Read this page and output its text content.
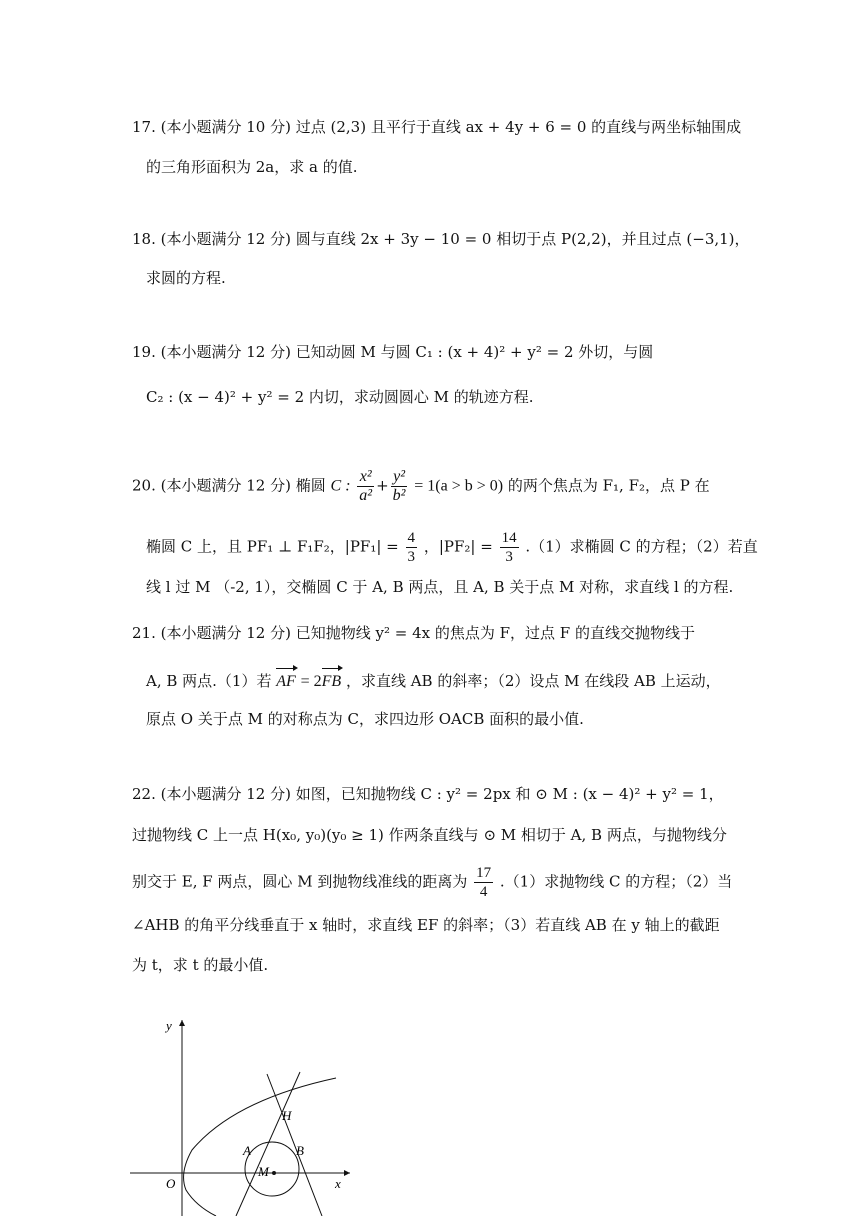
17. (本小题满分 10 分) 过点 (2,3) 且平行于直线 ax + 4y + 6 = 0 的直线与两坐标轴围成
的三角形面积为 2a，求 a 的值.
18. (本小题满分 12 分) 圆与直线 2x + 3y − 10 = 0 相切于点 P(2,2)，并且过点 (−3,1)，
求圆的方程.
19. (本小题满分 12 分) 已知动圆 M 与圆 C₁ : (x + 4)² + y² = 2 外切，与圆
C₂ : (x − 4)² + y² = 2 内切，求动圆圆心 M 的轨迹方程.
20. (本小题满分 12 分) 椭圆 C : $\frac{\text{x²}}{\text{a²}} + \frac{\text{y²}}{\text{b²}} = 1(a > b > 0)$ 的两个焦点为 F₁, F₂，点 P 在
椭圆 C 上，且 PF₁ ⊥ F₁F₂，$|PF_1| = \frac{4}{3}$ ，$|PF_2| = \frac{14}{3} .(1)$求椭圆 C 的方程；（2）若直
线 l 过 M （-2, 1），交椭圆 C 于 A, B 两点，且 A, B 关于点 M 对称，求直线 l 的方程.
21. (本小题满分 12 分) 已知抛物线 y² = 4x 的焦点为 F，过点 F 的直线交抛物线于
A, B 两点.（1）若 AF = 2FB ，求直线 AB 的斜率；（2）设点 M 在线段 AB 上运动，
原点 O 关于点 M 的对称点为 C，求四边形 OACB 面积的最小值.
22. (本小题满分 12 分) 如图，已知抛物线 C : y² = 2px 和 ⊙ M : (x − 4)² + y² = 1，
过抛物线 C 上一点 H(x₀, y₀)(y₀ ≥ 1) 作两条直线与 ⊙ M 相切于 A, B 两点，与抛物线分
别交于 E, F 两点，圆心 M 到抛物线准线的距离为 $\frac{17}{4} .(1)$求抛物线 C 的方程；（2）当
∠AHB 的角平分线垂直于 x 轴时，求直线 EF 的斜率；（3）若直线 AB 在 y 轴上的截距
为 t，求 t 的最小值.
y
x
O
H
A	B
M
